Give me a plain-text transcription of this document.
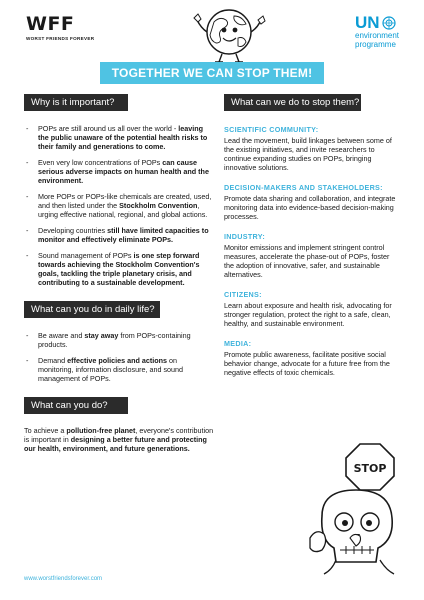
WFF
WORST FRIENDS FOREVER
UN
environment
programme
TOGETHER WE CAN STOP THEM!
Why is it important?
- POPs are still around us all over the world - leaving the public unaware of the potential health risks to their family and generations to come.
- Even very low concentrations of POPs can cause serious adverse impacts on human health and the environment.
- More POPs or POPs-like chemicals are created, used, and then listed under the Stockholm Convention, urging effective national, regional, and global actions.
- Developing countries still have limited capacities to monitor and effectively eliminate POPs.
- Sound management of POPs is one step forward towards achieving the Stockholm Convention's goals, tackling the triple planetary crisis, and contributing to a sustainable development.
What can you do in daily life?
- Be aware and stay away from POPs-containing products.
- Demand effective policies and actions on monitoring, information disclosure, and sound management of POPs.
What can you do?
To achieve a pollution-free planet, everyone's contribution is important in designing a better future and protecting our health, environment, and future generations.
What can we do to stop them?
SCIENTIFIC COMMUNITY:
Lead the movement, build linkages between some of the existing initiatives, and invite researchers to continue expanding studies on POPs, bringing innovative solutions.
DECISION-MAKERS AND STAKEHOLDERS:
Promote data sharing and collaboration, and integrate monitoring data into evidence-based decision-making processes.
INDUSTRY:
Monitor emissions and implement stringent control measures, accelerate the phase-out of POPs, foster the adoption of innovative, safer, and sustainable alternatives.
CITIZENS:
Learn about exposure and health risk, advocating for stronger regulation, protect the right to a safe, clean, healthy, and sustainable environment.
MEDIA:
Promote public awareness, facilitate positive social behavior change, advocate for a future free from the negative effects of toxic chemicals.
STOP
www.worstfriendsforever.com
